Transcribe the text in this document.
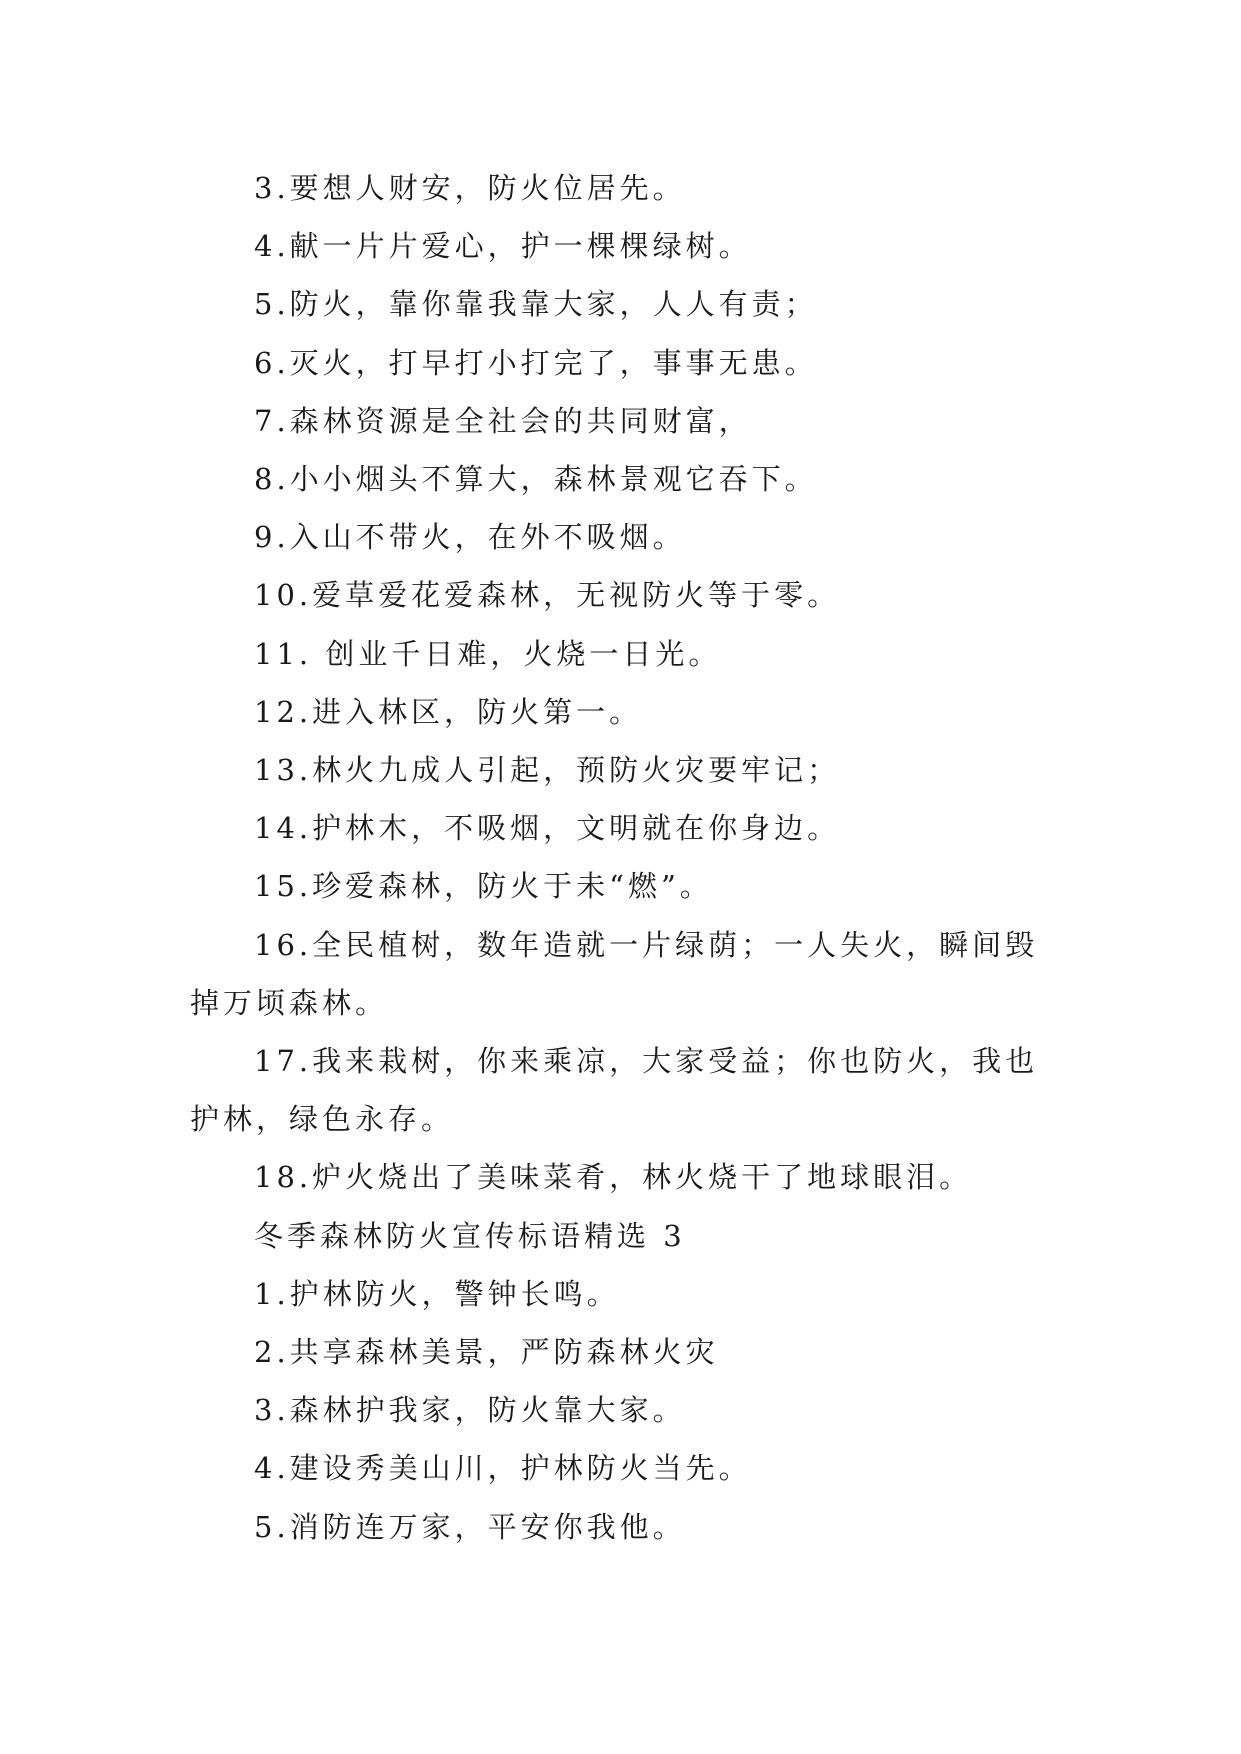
3.要想人财安，防火位居先。

4.献一片片爱心，护一棵棵绿树。

5.防火，靠你靠我靠大家，人人有责；

6.灭火，打早打小打完了，事事无患。

7.森林资源是全社会的共同财富，

8.小小烟头不算大，森林景观它吞下。

9.入山不带火，在外不吸烟。

10.爱草爱花爱森林，无视防火等于零。

11. 创业千日难，火烧一日光。

12.进入林区，防火第一。

13.林火九成人引起，预防火灾要牢记；

14.护林木，不吸烟，文明就在你身边。

15.珍爱森林，防火于未“燃”。

16.全民植树，数年造就一片绿荫；一人失火，瞬间毁掉万顷森林。

17.我来栽树，你来乘凉，大家受益；你也防火，我也护林，绿色永存。

18.炉火烧出了美味菜肴，林火烧干了地球眼泪。

冬季森林防火宣传标语精选 3

1.护林防火，警钟长鸣。

2.共享森林美景，严防森林火灾

3.森林护我家，防火靠大家。

4.建设秀美山川，护林防火当先。

5.消防连万家，平安你我他。
